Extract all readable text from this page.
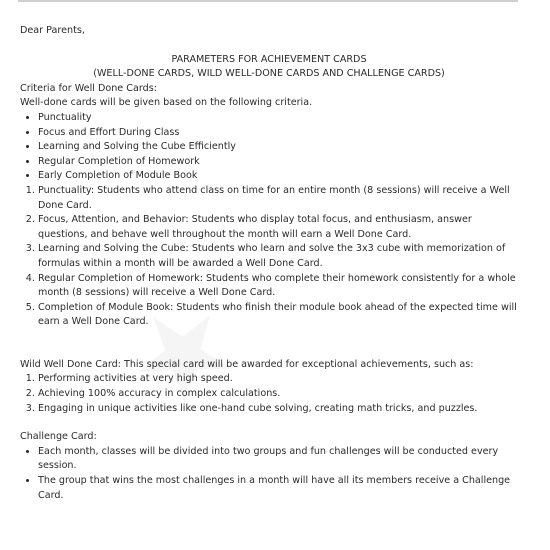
Dear Parents,

PARAMETERS FOR ACHIEVEMENT CARDS

(WELL-DONE CARDS, WILD WELL-DONE CARDS AND CHALLENGE CARDS)

Criteria for Well Done Cards:

Well-done cards will be given based on the following criteria.

• Punctuality
• Focus and Effort During Class
• Learning and Solving the Cube Efficiently
• Regular Completion of Homework
• Early Completion of Module Book
1. Punctuality: Students who attend class on time for an entire month (8 sessions) will receive a Well Done Card.
2. Focus, Attention, and Behavior: Students who display total focus, and enthusiasm, answer questions, and behave well throughout the month will earn a Well Done Card.
3. Learning and Solving the Cube: Students who learn and solve the 3x3 cube with memorization of formulas within a month will be awarded a Well Done Card.
4. Regular Completion of Homework: Students who complete their homework consistently for a whole month (8 sessions) will receive a Well Done Card.
5. Completion of Module Book: Students who finish their module book ahead of the expected time will earn a Well Done Card.

Wild Well Done Card: This special card will be awarded for exceptional achievements, such as:

1. Performing activities at very high speed.
2. Achieving 100% accuracy in complex calculations.
3. Engaging in unique activities like one-hand cube solving, creating math tricks, and puzzles.

Challenge Card:

• Each month, classes will be divided into two groups and fun challenges will be conducted every session.
• The group that wins the most challenges in a month will have all its members receive a Challenge Card.
